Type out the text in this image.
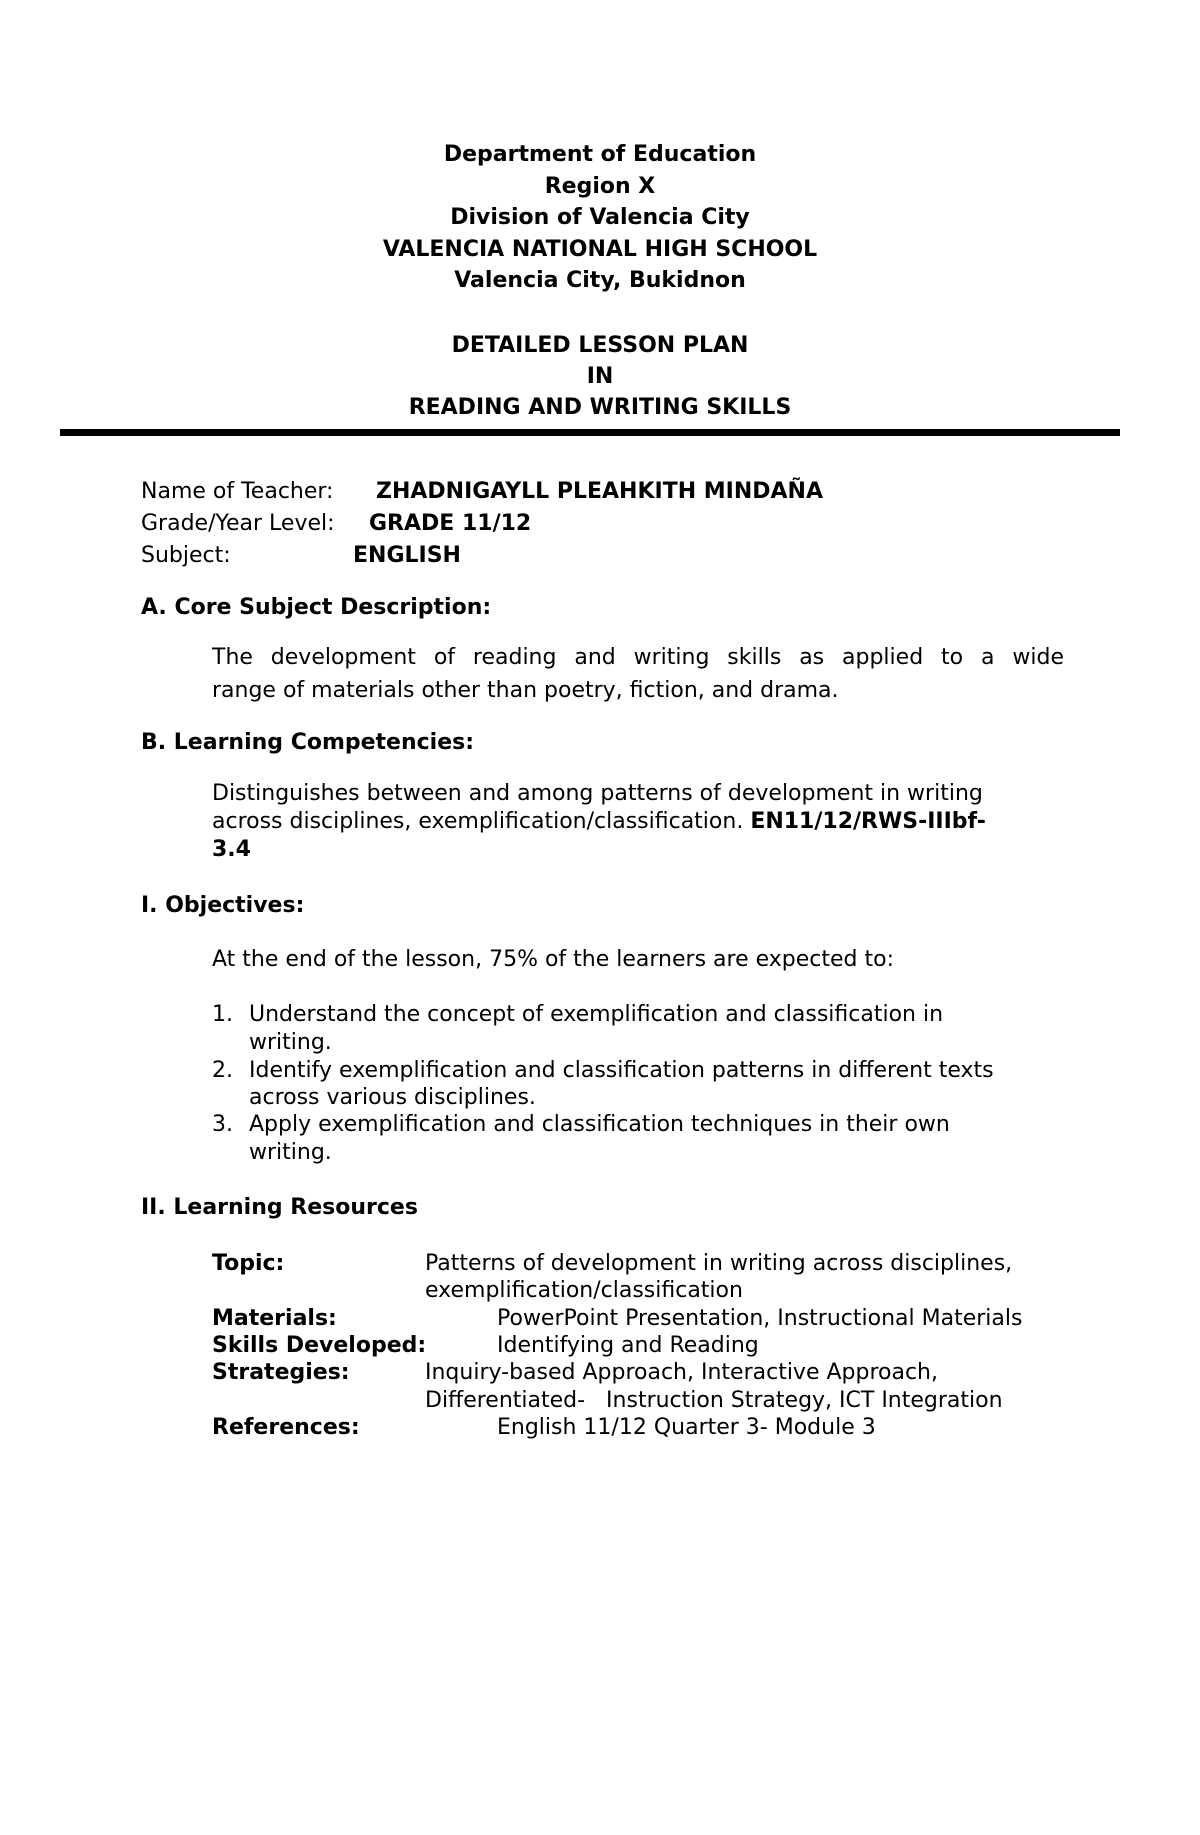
Department of Education
Region X
Division of Valencia City
VALENCIA NATIONAL HIGH SCHOOL
Valencia City, Bukidnon
DETAILED LESSON PLAN
IN
READING AND WRITING SKILLS
Name of Teacher: ZHADNIGAYLL PLEAHKITH MINDAÑA
Grade/Year Level: GRADE 11/12
Subject:	ENGLISH
A. Core Subject Description:
The development of reading and writing skills as applied to a wide
range of materials other than poetry, fiction, and drama.
B. Learning Competencies:
Distinguishes between and among patterns of development in writing
across disciplines, exemplification/classification. EN11/12/RWS-IIIbf-
3.4
I. Objectives:
At the end of the lesson, 75% of the learners are expected to:
1. Understand the concept of exemplification and classification in
writing.
2. Identify exemplification and classification patterns in different texts
across various disciplines.
3. Apply exemplification and classification techniques in their own
writing.
II. Learning Resources
Topic:	Patterns of development in writing across disciplines,
exemplification/classification
Materials:	PowerPoint Presentation, Instructional Materials
Skills Developed:	Identifying and Reading
Strategies:	Inquiry-based Approach, Interactive Approach,
Differentiated-   Instruction Strategy, ICT Integration
References:	English 11/12 Quarter 3- Module 3
